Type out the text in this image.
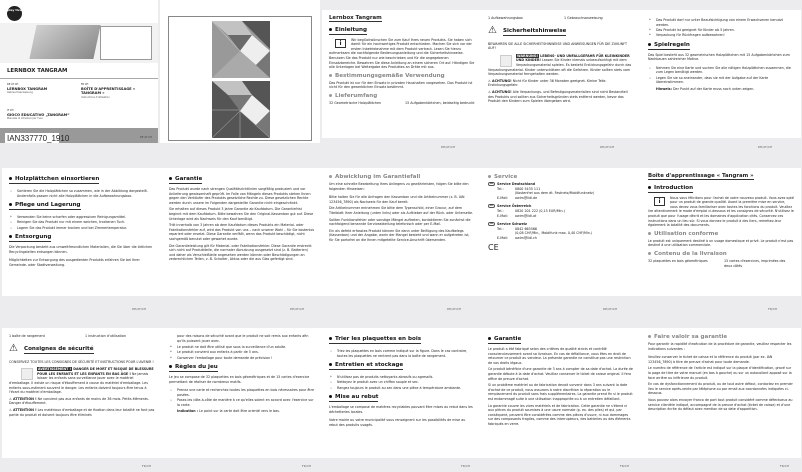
play tive
LERNBOX TANGRAM
DE AT CH
LERNBOX TANGRAM
Gebrauchsanweisung
FR CH
BOÎTE D'APPRENTISSAGE « TANGRAM »
Instructions d'utilisation
IT CH
GIOCO EDUCATIVO „TANGRAM“
Manuale di istruzioni per l'uso
IAN337770_1910	DE AT CH
Lernbox Tangram
Einleitung

i	Wir beglückwünschen Sie zum Kauf Ihres neuen Produkts. Sie haben sich damit für ein hochwertiges Produkt entschieden. Machen Sie sich vor der ersten Inbetriebnahme mit dem Produkt vertraut. Lesen Sie hierzu aufmerksam die nachfolgende Bedienungsanleitung und die Sicherheitshinweise. Benutzen Sie das Produkt nur wie beschrieben und für die angegebenen Einsatzbereiche. Bewahren Sie diese Anleitung an einem sicheren Ort auf. Händigen Sie alle Unterlagen bei Weitergabe des Produktes an Dritte mit aus.

Bestimmungsgemäße Verwendung

Das Produkt ist nur für den Einsatz in privaten Haushalten vorgesehen. Das Produkt ist nicht für den gewerblichen Einsatz bestimmt.

Lieferumfang
32 Geometrische Holzplättchen	15 Aufgabenkärtchen, beidseitig bedruckt
1 Aufbewahrungsbox	1 Gebrauchsanweisung
⚠ Sicherheitshinweise

BEWAHREN SIE ALLE SICHERHEITSHINWEISE UND ANWEISUNGEN FÜR DIE ZUKUNFT AUF!

WARNUNG! LEBENS- UND UNFALLGEFAHR FÜR KLEINKINDER UND KINDER! Lassen Sie Kinder niemals unbeaufsichtigt mit dem Verpackungsmaterial spielen. Es besteht Erstickungsgefahr durch das Verpackungsmaterial. Kinder unterschätzen oft die Gefahren. Kinder sollten stets vom Verpackungsmaterial ferngehalten werden.

⚠ ACHTUNG! Nicht für Kinder unter 36 Monaten geeignet. Kleine Teile. Erstickungsgefahr.

⚠ ACHTUNG! Alle Verpackungs- und Befestigungsmaterialien sind nicht Bestandteil des Produkts und sollten aus Sicherheitsgründen stets entfernt werden, bevor das Produkt den Kindern zum Spielen übergeben wird.

● Das Produkt darf nur unter Beaufsichtigung von einem Erwachsenen benutzt werden.
● Das Produkt ist geeignet für Kinder ab 5 Jahren.
● Verpackung für Rückfragen aufbewahren!
Spielregeln

Das Spiel besteht aus 32 geometrischen Holzplättchen mit 15 Aufgabenkärtchen zum Nachbauen zahlreicher Motive.

▫ Nehmen Sie eine Karte und suchen Sie alle nötigen Holzplättchen zusammen, die zum Legen benötigt werden.
▫ Legen Sie sie so aneinander, dass sie mit der Aufgabe auf der Karte übereinstimmen.

Hinweis: Der Punkt auf der Karte muss nach unten zeigen.

DE/AT/CH	DE/AT/CH	DE/AT/CH
Holzplättchen einsortieren
▫ Sortieren Sie die Holzplättchen so zusammen, wie in der Abbildung dargestellt. Andernfalls passen nicht alle Holzplättchen in die Aufbewahrungsbox.
Pflege und Lagerung
● Verwenden Sie keine scharfen oder aggressiven Reinigungsmittel.
▫ Reinigen Sie das Produkt nur mit einem weichen, trockenen Tuch.
▫ Lagern Sie das Produkt immer trocken und bei Zimmertemperatur.
Entsorgung

Die Verpackung besteht aus umweltfreundlichen Materialien, die Sie über die örtlichen Recyclingstellen entsorgen können.

Möglichkeiten zur Entsorgung des ausgedienten Produkts erfahren Sie bei Ihrer Gemeinde- oder Stadtverwaltung.

Garantie

Das Produkt wurde nach strengen Qualitätsrichtlinien sorgfältig produziert und vor Anlieferung gewissenhaft geprüft. Im Falle von Mängeln dieses Produkts stehen Ihnen gegen den Verkäufer des Produkts gesetzliche Rechte zu. Diese gesetzlichen Rechte werden durch unsere im Folgenden dargestellte Garantie nicht eingeschränkt.

Sie erhalten auf dieses Produkt 3 Jahre Garantie ab Kaufdatum. Die Garantiefrist beginnt mit dem Kaufdatum. Bitte bewahren Sie den Original-Kassenbon gut auf. Diese Unterlage wird als Nachweis für den Kauf benötigt.

Tritt innerhalb von 3 Jahren ab dem Kaufdatum dieses Produkts ein Material- oder Fabrikationsfehler auf, wird das Produkt von uns – nach unserer Wahl – für Sie kostenlos repariert oder ersetzt. Diese Garantie verfällt, wenn das Produkt beschädigt, nicht sachgemäß benutzt oder gewartet wurde.

Die Garantieleistung gilt für Material- oder Fabrikationsfehler. Diese Garantie erstreckt sich nicht auf Produktteile, die normaler Abnutzung ausgesetzt sind (z. B. Batterien) und daher als Verschleißteile angesehen werden können oder Beschädigungen an zerbrechlichen Teilen, z. B. Schalter, Akkus oder die aus Glas gefertigt sind.

Abwicklung im Garantiefall

Um eine schnelle Bearbeitung Ihres Anliegens zu gewährleisten, folgen Sie bitte den folgenden Hinweisen:

Bitte halten Sie für alle Anfragen den Kassenbon und die Artikelnummer (z. B. IAN 123456_7890) als Nachweis für den Kauf bereit.

Die Artikelnummer entnehmen Sie bitte dem Typenschild, einer Gravur, auf dem Titelblatt Ihrer Anleitung (unten links) oder als Aufkleber auf der Rück- oder Unterseite.

Sollten Funktionsfehler oder sonstige Mängel auftreten, kontaktieren Sie zunächst die nachfolgend benannte Serviceabteilung telefonisch oder per E-Mail.

Ein als defekt erfasstes Produkt können Sie dann unter Beifügung des Kaufbelegs (Kassenbon) und der Angabe, worin der Mangel besteht und wann er aufgetreten ist, für Sie portofrei an die Ihnen mitgeteilte Service-Anschrift übersenden.

Service
DE Service Deutschland
Tel.:	0800 5435 111
(Kostenfrei aus dem dt. Festnetz/Mobilfunknetz)
E-Mail:	owim@lidl.de
AT Service Österreich
Tel.:	0820 201 222 (0,15 EUR/Min.)
E-Mail:	owim@lidl.at
CH Service Schweiz
Tel.:	0842 665566
(0,08 CHF/Min., Mobilfunk max. 0,40 CHF/Min.)
E-Mail:	owim@lidl.ch
CE
Boîte d'apprentissage « Tangram »
Introduction

i	Nous vous félicitons pour l'achat de votre nouveau produit. Vous avez opté pour un produit de grande qualité. Avant la première mise en service, vous devez vous familiariser avec toutes les fonctions du produit. Veuillez lire attentivement le mode d'emploi ci-dessous et les consignes de sécurité. N'utilisez le produit que pour l'usage décrit et les domaines d'application cités. Conservez ces instructions dans un lieu sûr. Si vous donnez le produit à des tiers, remettez-leur également la totalité des documents.

Utilisation conforme

Le produit est uniquement destiné à un usage domestique et privé. Le produit n'est pas destiné à une utilisation commerciale.

Contenu de la livraison
32 plaquettes en bois géométriques	15 cartes d'exercices, imprimées des deux côtés
DE/AT/CH	DE/AT/CH	DE/AT/CH	DE/AT/CH	FR/CH
1 boîte de rangement	1 instruction d'utilisation
⚠ Consignes de sécurité

CONSERVEZ TOUTES LES CONSIGNES DE SÉCURITÉ ET INSTRUCTIONS POUR L'AVENIR !

AVERTISSEMENT ! DANGER DE MORT ET RISQUE DE BLESSURE POUR LES ENFANTS ET LES ENFANTS EN BAS ÂGE ! Ne jamais laisser les enfants sans surveillance jouer avec le matériel d'emballage. Il existe un risque d'étouffement à cause du matériel d'emballage. Les enfants sous-estiment souvent le danger. Les enfants doivent toujours être tenus à l'écart du matériel d'emballage.

⚠ ATTENTION ! Ne convient pas aux enfants de moins de 36 mois. Petits éléments. Danger d'étouffement.

⚠ ATTENTION ! Les matériaux d'emballage et de fixation dans leur totalité ne font pas partie du produit et doivent toujours être éliminés

pour des raisons de sécurité avant que le produit ne soit remis aux enfants afin qu'ils puissent jouer avec.

● Le produit ne doit être utilisé que sous la surveillance d'un adulte.
● Le produit convient aux enfants à partir de 5 ans.
● Conserver l'emballage pour toute demande de précision !
Règles du jeu

Le jeu se compose de 32 plaquettes en bois géométriques et de 15 cartes d'exercice permettant de réaliser de nombreux motifs.

▫ Prenez une carte et recherchez toutes les plaquettes en bois nécessaires pour être posées.
▫ Posez-les côte-à-côte de manière à ce qu'elles soient en accord avec l'exercice sur la carte.

Indication : Le point sur la carte doit être orienté vers le bas.

Trier les plaquettes en bois
▫ Triez les plaquettes en bois comme indiqué sur la figure. Dans le cas contraire, toutes les plaquettes ne rentrent pas dans la boîte de rangement.
Entretien et stockage
● N'utilisez pas de produits nettoyants abrasifs ou agressifs.
▫ Nettoyez le produit avec un chiffon souple et sec.
▫ Rangez toujours le produit au sec dans une pièce à température ambiante.
Mise au rebut

L'emballage se compose de matières recyclables pouvant être mises au rebut dans les déchetteries locales.

Votre mairie ou votre municipalité vous renseignent sur les possibilités de mise au rebut des produits usagés.

Garantie

Le produit a été fabriqué selon des critères de qualité stricts et contrôlé consciencieusement avant sa livraison. En cas de défaillance, vous êtes en droit de retourner ce produit au vendeur. La présente garantie ne constitue pas une restriction de vos droits légaux.

Ce produit bénéficie d'une garantie de 3 ans à compter de sa date d'achat. La durée de garantie débute à la date d'achat. Veuillez conserver le ticket de caisse original. Il fera office de preuve d'achat.

Si un problème matériel ou de fabrication devait survenir dans 3 ans suivant la date d'achat de ce produit, nous assurons à notre discrétion la réparation ou le remplacement du produit sans frais supplémentaires. La garantie prend fin si le produit est endommagé suite à une utilisation inappropriée ou à un entretien défaillant.

La garantie couvre les vices matériels et de fabrication. Cette garantie ne s'étend ni aux pièces du produit soumises à une usure normale (p. ex. des piles) et qui, par conséquent, peuvent être considérées comme des pièces d'usure, ni aux dommages sur des composants fragiles, comme des interrupteurs, des batteries ou des éléments fabriqués en verre.

Faire valoir sa garantie

Pour garantir la rapidité d'exécution de la procédure de garantie, veuillez respecter les indications suivantes :

Veuillez conserver le ticket de caisse et la référence du produit (par ex. IAN 123456_7890) à titre de preuve d'achat pour toute demande.

Le numéro de référence de l'article est indiqué sur la plaque d'identification, gravé sur la page de titre de votre manuel (en bas à gauche) ou sur un autocollant apposé sur la face arrière ou inférieure du produit.

En cas de dysfonctionnement du produit, ou de tout autre défaut, contactez en premier lieu le service après-vente par téléphone ou par email aux coordonnées indiquées ci-dessous.

Vous pouvez alors envoyer franco de port tout produit considéré comme défectueux au service clientèle indiqué, accompagné de la preuve d'achat (ticket de caisse) et d'une description écrite du défaut avec mention de sa date d'apparition.

FR/CH	FR/CH	FR/CH	FR/CH	FR/CH
